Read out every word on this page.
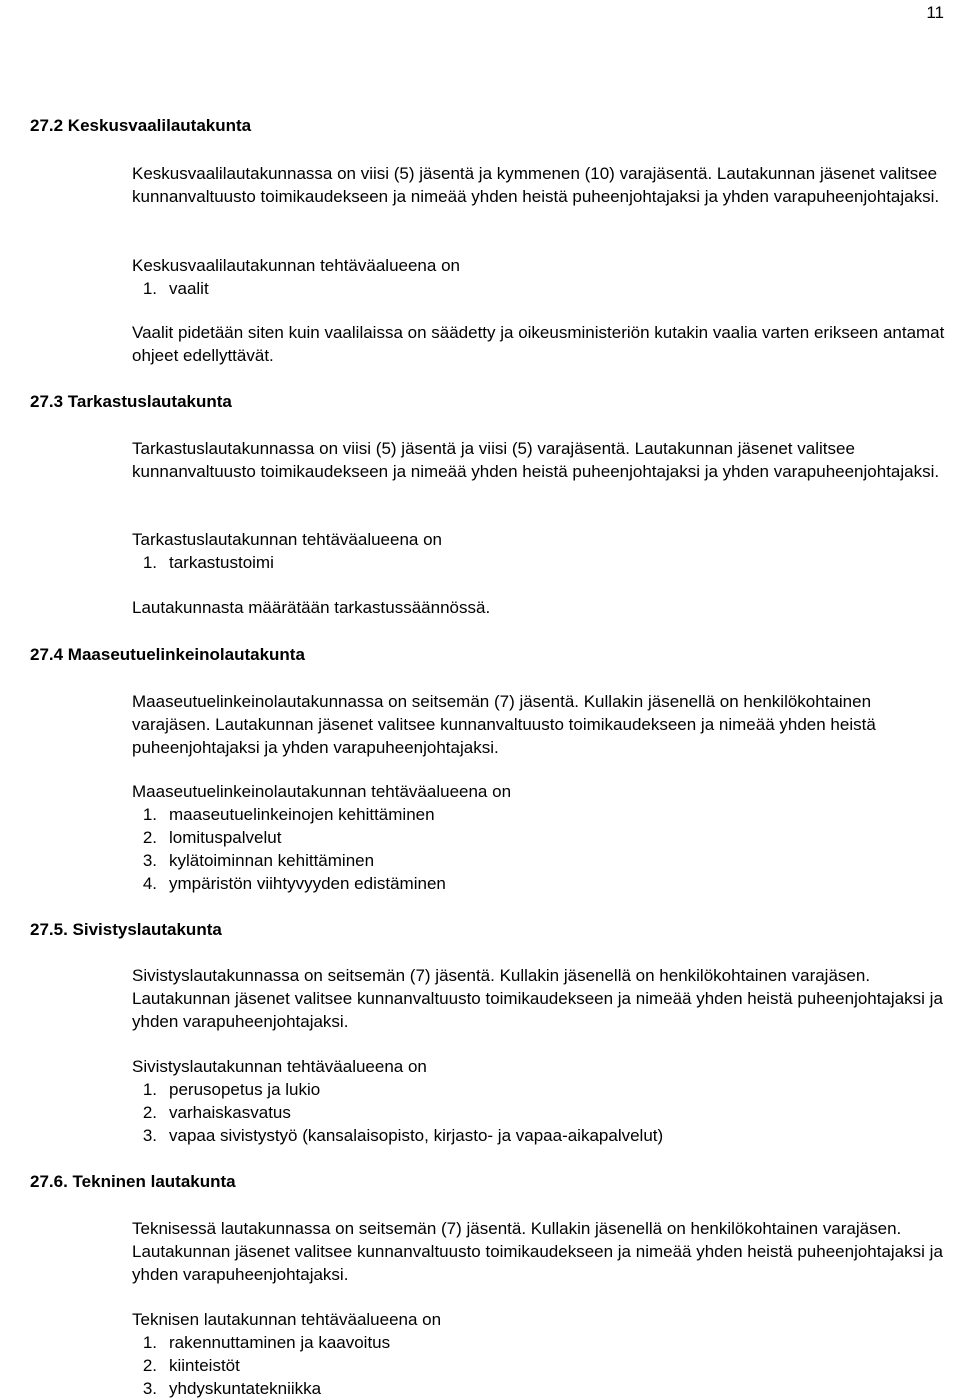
11
27.2 Keskusvaalilautakunta

Keskusvaalilautakunnassa on viisi (5) jäsentä ja kymmenen (10) varajäsentä. Lautakunnan jäsenet valitsee kunnanvaltuusto toimikaudekseen ja nimeää yhden heistä puheenjohtajaksi ja yhden varapuheenjohtajaksi.

Keskusvaalilautakunnan tehtäväalueena on

1. vaalit

Vaalit pidetään siten kuin vaalilaissa on säädetty ja oikeusministeriön kutakin vaalia varten erikseen antamat ohjeet edellyttävät.

27.3 Tarkastuslautakunta

Tarkastuslautakunnassa on viisi (5) jäsentä ja viisi (5) varajäsentä. Lautakunnan jäsenet valitsee kunnanvaltuusto toimikaudekseen ja nimeää yhden heistä puheenjohtajaksi ja yhden varapuheenjohtajaksi.

Tarkastuslautakunnan tehtäväalueena on

1. tarkastustoimi

Lautakunnasta määrätään tarkastussäännössä.

27.4 Maaseutuelinkeinolautakunta

Maaseutuelinkeinolautakunnassa on seitsemän (7) jäsentä. Kullakin jäsenellä on henkilökohtainen varajäsen. Lautakunnan jäsenet valitsee kunnanvaltuusto toimikaudekseen ja nimeää yhden heistä puheenjohtajaksi ja yhden varapuheenjohtajaksi.

Maaseutuelinkeinolautakunnan tehtäväalueena on

1. maaseutuelinkeinojen kehittäminen
2. lomituspalvelut
3. kylätoiminnan kehittäminen
4. ympäristön viihtyvyyden edistäminen
27.5. Sivistyslautakunta

Sivistyslautakunnassa on seitsemän (7) jäsentä. Kullakin jäsenellä on henkilökohtainen varajäsen. Lautakunnan jäsenet valitsee kunnanvaltuusto toimikaudekseen ja nimeää yhden heistä puheenjohtajaksi ja yhden varapuheenjohtajaksi.

Sivistyslautakunnan tehtäväalueena on

1. perusopetus ja lukio
2. varhaiskasvatus
3. vapaa sivistystyö (kansalaisopisto, kirjasto- ja vapaa-aikapalvelut)
27.6. Tekninen lautakunta

Teknisessä lautakunnassa on seitsemän (7) jäsentä. Kullakin jäsenellä on henkilökohtainen varajäsen. Lautakunnan jäsenet valitsee kunnanvaltuusto toimikaudekseen ja nimeää yhden heistä puheenjohtajaksi ja yhden varapuheenjohtajaksi.

Teknisen lautakunnan tehtäväalueena on

1. rakennuttaminen ja kaavoitus
2. kiinteistöt
3. yhdyskuntatekniikka
